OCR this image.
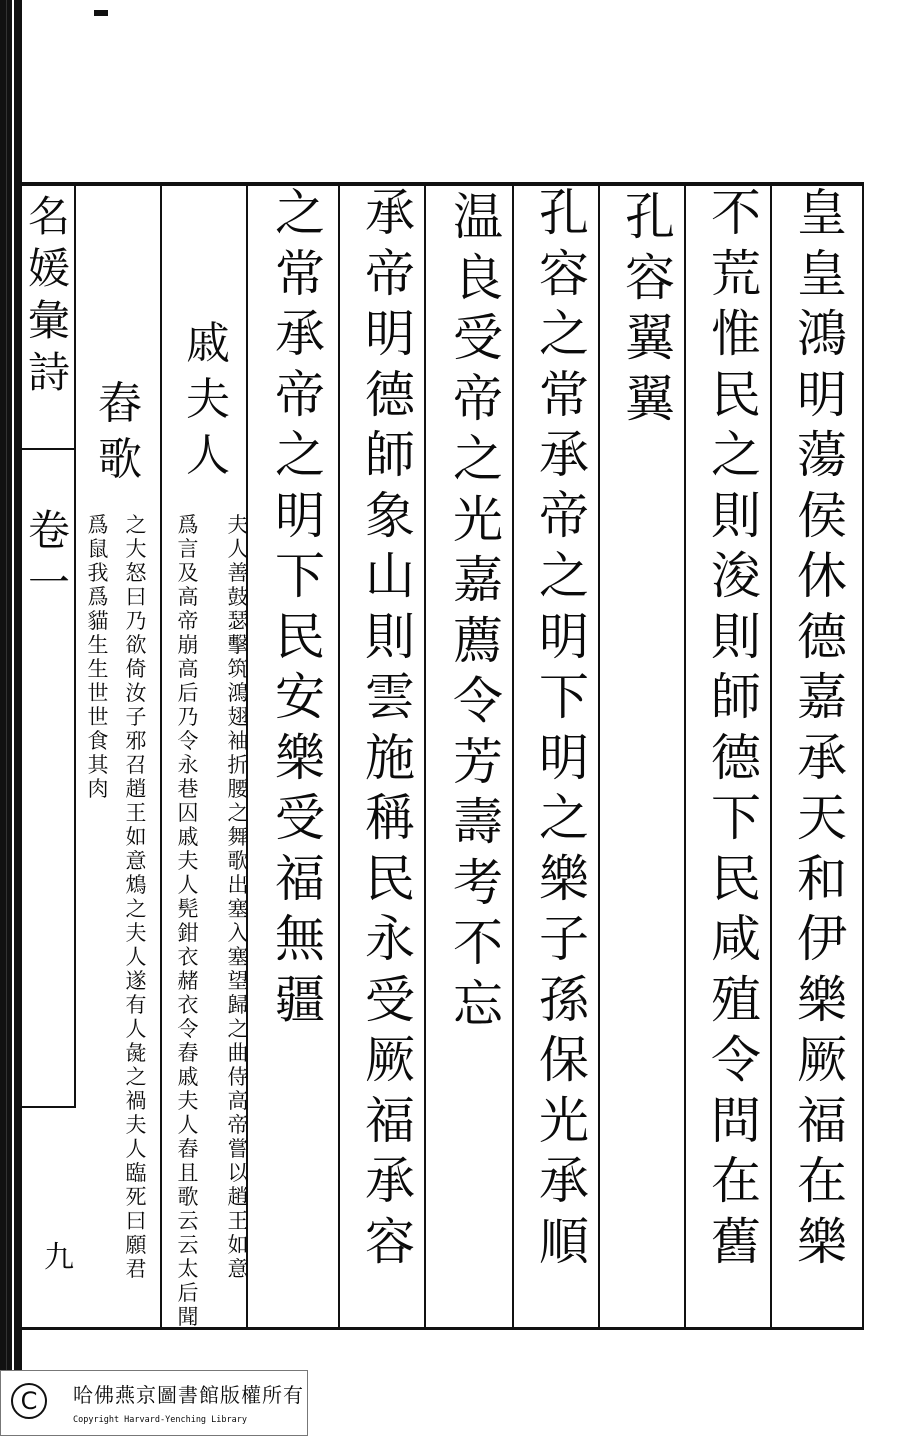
名
媛
彙
詩
卷
一
九
皇
皇
鴻
明
蕩
侯
休
德
嘉
承
天
和
伊
樂
厥
福
在
樂
不
荒
惟
民
之
則
浚
則
師
德
下
民
咸
殖
令
問
在
舊
孔
容
翼
翼
孔
容
之
常
承
帝
之
明
下
明
之
樂
子
孫
保
光
承
順
温
良
受
帝
之
光
嘉
薦
令
芳
壽
考
不
忘
承
帝
明
德
師
象
山
則
雲
施
稱
民
永
受
厥
福
承
容
之
常
承
帝
之
明
下
民
安
樂
受
福
無
疆
戚
夫
人
夫
人
善
鼓
瑟
擊
筑
鴻
翅
袖
折
腰
之
舞
歌
出
塞
入
塞
望
歸
之
曲
侍
高
帝
嘗
以
趙
王
如
意
爲
言
及
高
帝
崩
高
后
乃
令
永
巷
囚
戚
夫
人
髡
鉗
衣
赭
衣
令
舂
戚
夫
人
舂
且
歌
云
云
太
后
聞
舂
歌
之
大
怒
曰
乃
欲
倚
汝
子
邪
召
趙
王
如
意
鴆
之
夫
人
遂
有
人
彘
之
禍
夫
人
臨
死
曰
願
君
爲
鼠
我
爲
貓
生
生
世
世
食
其
肉
C	哈佛燕京圖書館版權所有
Copyright Harvard-Yenching Library
